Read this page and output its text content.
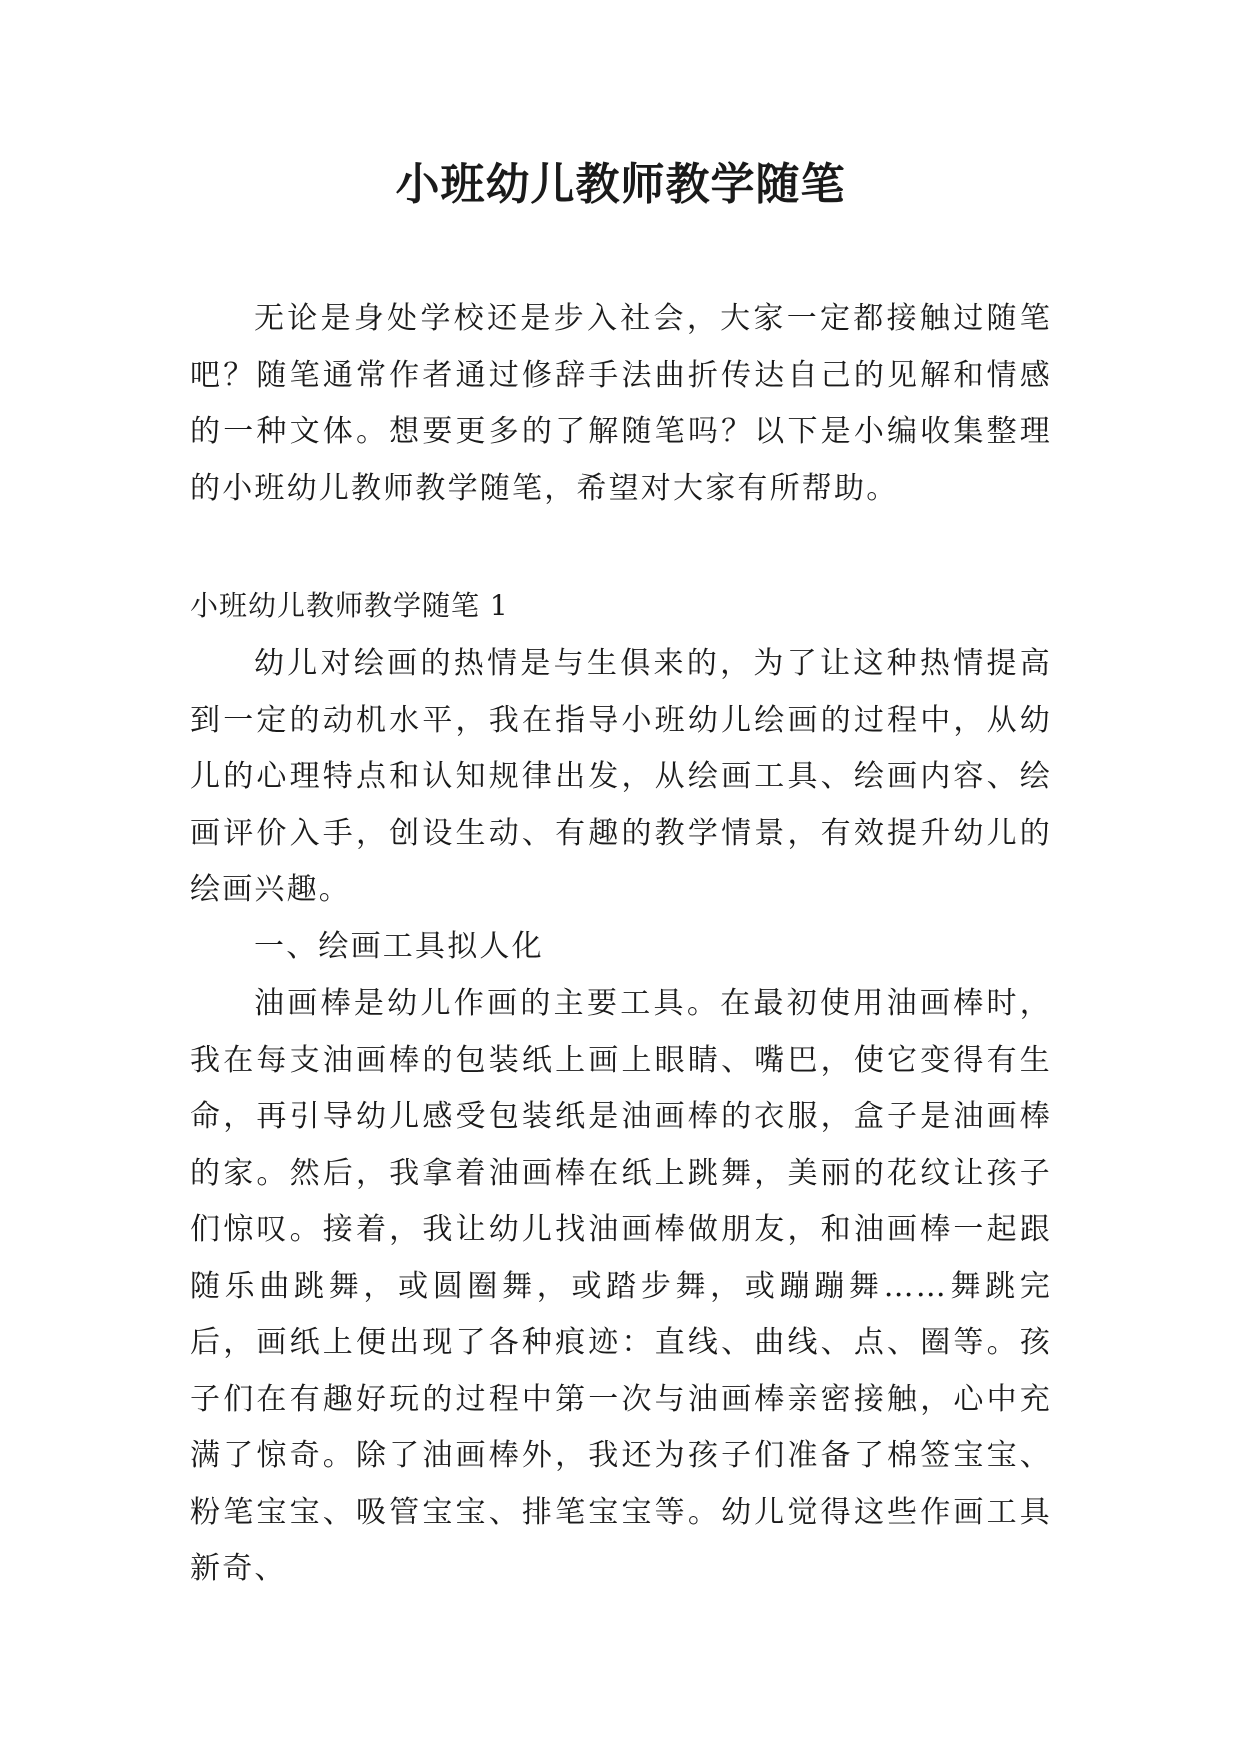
小班幼儿教师教学随笔

无论是身处学校还是步入社会，大家一定都接触过随笔吧？随笔通常作者通过修辞手法曲折传达自己的见解和情感的一种文体。想要更多的了解随笔吗？以下是小编收集整理的小班幼儿教师教学随笔，希望对大家有所帮助。

小班幼儿教师教学随笔 1

幼儿对绘画的热情是与生俱来的，为了让这种热情提高到一定的动机水平，我在指导小班幼儿绘画的过程中，从幼儿的心理特点和认知规律出发，从绘画工具、绘画内容、绘画评价入手，创设生动、有趣的教学情景，有效提升幼儿的绘画兴趣。

一、绘画工具拟人化

油画棒是幼儿作画的主要工具。在最初使用油画棒时，我在每支油画棒的包装纸上画上眼睛、嘴巴，使它变得有生命，再引导幼儿感受包装纸是油画棒的衣服，盒子是油画棒的家。然后，我拿着油画棒在纸上跳舞，美丽的花纹让孩子们惊叹。接着，我让幼儿找油画棒做朋友，和油画棒一起跟随乐曲跳舞，或圆圈舞，或踏步舞，或蹦蹦舞……舞跳完后，画纸上便出现了各种痕迹：直线、曲线、点、圈等。孩子们在有趣好玩的过程中第一次与油画棒亲密接触，心中充满了惊奇。除了油画棒外，我还为孩子们准备了棉签宝宝、粉笔宝宝、吸管宝宝、排笔宝宝等。幼儿觉得这些作画工具新奇、
